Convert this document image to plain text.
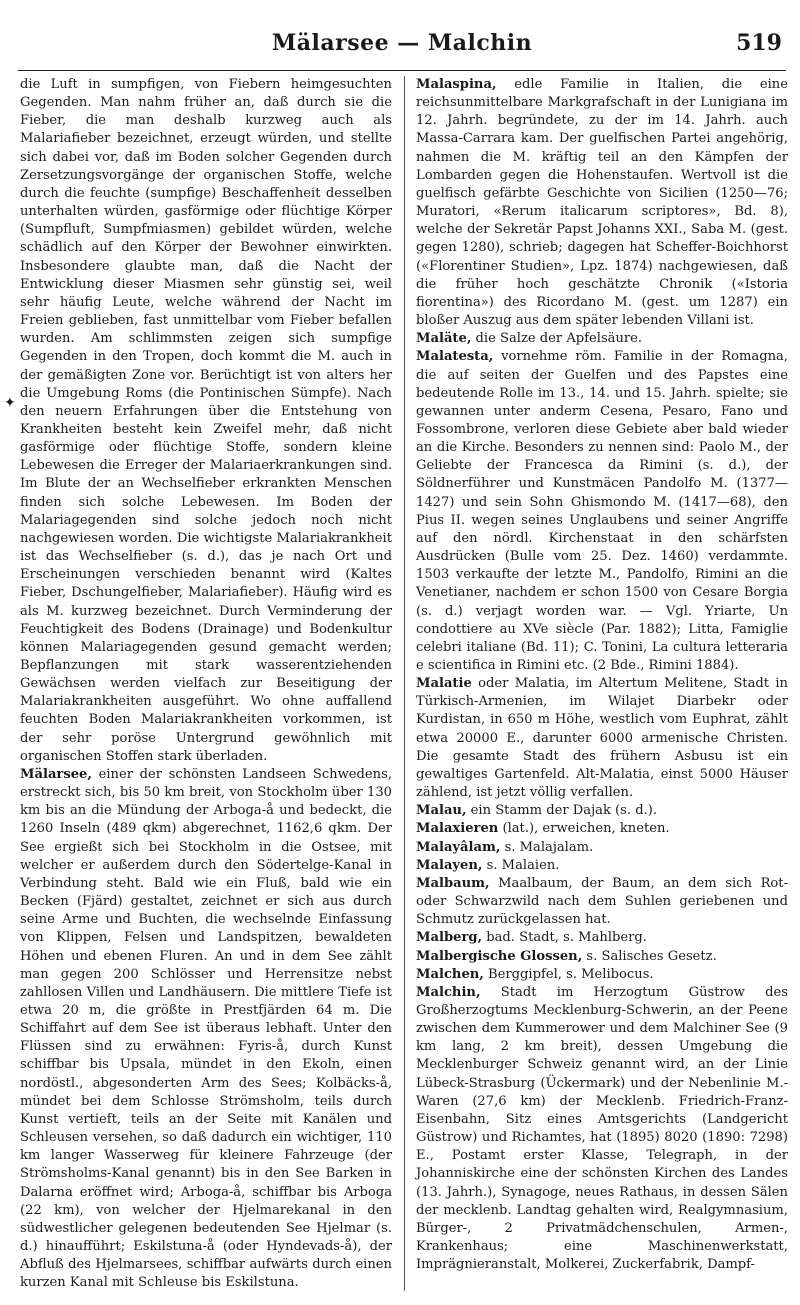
Mälarsee — Malchin	519
✦

die Luft in sumpfigen, von Fiebern heimgesuchten Gegenden. Man nahm früher an, daß durch sie die Fieber, die man deshalb kurzweg auch als Malariafieber bezeichnet, erzeugt würden, und stellte sich dabei vor, daß im Boden solcher Gegenden durch Zersetzungsvorgänge der organischen Stoffe, welche durch die feuchte (sumpfige) Beschaffenheit desselben unterhalten würden, gasförmige oder flüchtige Körper (Sumpfluft, Sumpfmiasmen) gebildet würden, welche schädlich auf den Körper der Bewohner einwirkten. Insbesondere glaubte man, daß die Nacht der Entwicklung dieser Miasmen sehr günstig sei, weil sehr häufig Leute, welche während der Nacht im Freien geblieben, fast unmittelbar vom Fieber befallen wurden. Am schlimmsten zeigen sich sumpfige Gegenden in den Tropen, doch kommt die M. auch in der gemäßigten Zone vor. Berüchtigt ist von alters her die Umgebung Roms (die Pontinischen Sümpfe). Nach den neuern Erfahrungen über die Entstehung von Krankheiten besteht kein Zweifel mehr, daß nicht gasförmige oder flüchtige Stoffe, sondern kleine Lebewesen die Erreger der Malariaerkrankungen sind. Im Blute der an Wechselfieber erkrankten Menschen finden sich solche Lebewesen. Im Boden der Malariagegenden sind solche jedoch noch nicht nachgewiesen worden. Die wichtigste Malariakrankheit ist das Wechselfieber (s. d.), das je nach Ort und Erscheinungen verschieden benannt wird (Kaltes Fieber, Dschungelfieber, Malariafieber). Häufig wird es als M. kurzweg bezeichnet. Durch Verminderung der Feuchtigkeit des Bodens (Drainage) und Bodenkultur können Malariagegenden gesund gemacht werden; Bepflanzungen mit stark wasserentziehenden Gewächsen werden vielfach zur Beseitigung der Malariakrankheiten ausgeführt. Wo ohne auffallend feuchten Boden Malariakrankheiten vorkommen, ist der sehr poröse Untergrund gewöhnlich mit organischen Stoffen stark überladen.

Mälarsee, einer der schönsten Landseen Schwedens, erstreckt sich, bis 50 km breit, von Stockholm über 130 km bis an die Mündung der Arboga-å und bedeckt, die 1260 Inseln (489 qkm) abgerechnet, 1162,6 qkm. Der See ergießt sich bei Stockholm in die Ostsee, mit welcher er außerdem durch den Södertelge-Kanal in Verbindung steht. Bald wie ein Fluß, bald wie ein Becken (Fjärd) gestaltet, zeichnet er sich aus durch seine Arme und Buchten, die wechselnde Einfassung von Klippen, Felsen und Landspitzen, bewaldeten Höhen und ebenen Fluren. An und in dem See zählt man gegen 200 Schlösser und Herrensitze nebst zahllosen Villen und Landhäusern. Die mittlere Tiefe ist etwa 20 m, die größte in Prestfjärden 64 m. Die Schiffahrt auf dem See ist überaus lebhaft. Unter den Flüssen sind zu erwähnen: Fyris-å, durch Kunst schiffbar bis Upsala, mündet in den Ekoln, einen nordöstl., abgesonderten Arm des Sees; Kolbäcks-å, mündet bei dem Schlosse Strömsholm, teils durch Kunst vertieft, teils an der Seite mit Kanälen und Schleusen versehen, so daß dadurch ein wichtiger, 110 km langer Wasserweg für kleinere Fahrzeuge (der Strömsholms-Kanal genannt) bis in den See Barken in Dalarna eröffnet wird; Arboga-å, schiffbar bis Arboga (22 km), von welcher der Hjelmarekanal in den südwestlicher gelegenen bedeutenden See Hjelmar (s. d.) hinaufführt; Eskilstuna-å (oder Hyndevads-å), der Abfluß des Hjelmarsees, schiffbar aufwärts durch einen kurzen Kanal mit Schleuse bis Eskilstuna.

Malaspina, edle Familie in Italien, die eine reichsunmittelbare Markgrafschaft in der Lunigiana im 12. Jahrh. begründete, zu der im 14. Jahrh. auch Massa-Carrara kam. Der guelfischen Partei angehörig, nahmen die M. kräftig teil an den Kämpfen der Lombarden gegen die Hohenstaufen. Wertvoll ist die guelfisch gefärbte Geschichte von Sicilien (1250—76; Muratori, «Rerum italicarum scriptores», Bd. 8), welche der Sekretär Papst Johanns XXI., Saba M. (gest. gegen 1280), schrieb; dagegen hat Scheffer-Boichhorst («Florentiner Studien», Lpz. 1874) nachgewiesen, daß die früher hoch geschätzte Chronik («Istoria fiorentina») des Ricordano M. (gest. um 1287) ein bloßer Auszug aus dem später lebenden Villani ist.

Maläte, die Salze der Apfelsäure.

Malatesta, vornehme röm. Familie in der Romagna, die auf seiten der Guelfen und des Papstes eine bedeutende Rolle im 13., 14. und 15. Jahrh. spielte; sie gewannen unter anderm Cesena, Pesaro, Fano und Fossombrone, verloren diese Gebiete aber bald wieder an die Kirche. Besonders zu nennen sind: Paolo M., der Geliebte der Francesca da Rimini (s. d.), der Söldnerführer und Kunstmäcen Pandolfo M. (1377—1427) und sein Sohn Ghismondo M. (1417—68), den Pius II. wegen seines Unglaubens und seiner Angriffe auf den nördl. Kirchenstaat in den schärfsten Ausdrücken (Bulle vom 25. Dez. 1460) verdammte. 1503 verkaufte der letzte M., Pandolfo, Rimini an die Venetianer, nachdem er schon 1500 von Cesare Borgia (s. d.) verjagt worden war. — Vgl. Yriarte, Un condottiere au XVe siècle (Par. 1882); Litta, Famiglie celebri italiane (Bd. 11); C. Tonini, La cultura letteraria e scientifica in Rimini etc. (2 Bde., Rimini 1884).

Malatie oder Malatia, im Altertum Melitene, Stadt in Türkisch-Armenien, im Wilajet Diarbekr oder Kurdistan, in 650 m Höhe, westlich vom Euphrat, zählt etwa 20000 E., darunter 6000 armenische Christen. Die gesamte Stadt des frühern Asbusu ist ein gewaltiges Gartenfeld. Alt-Malatia, einst 5000 Häuser zählend, ist jetzt völlig verfallen.

Malau, ein Stamm der Dajak (s. d.).

Malaxieren (lat.), erweichen, kneten.

Malayâlam, s. Malajalam.

Malayen, s. Malaien.

Malbaum, Maalbaum, der Baum, an dem sich Rot- oder Schwarzwild nach dem Suhlen geriebenen und Schmutz zurückgelassen hat.

Malberg, bad. Stadt, s. Mahlberg.

Malbergische Glossen, s. Salisches Gesetz.

Malchen, Berggipfel, s. Melibocus.

Malchin, Stadt im Herzogtum Güstrow des Großherzogtums Mecklenburg-Schwerin, an der Peene zwischen dem Kummerower und dem Malchiner See (9 km lang, 2 km breit), dessen Umgebung die Mecklenburger Schweiz genannt wird, an der Linie Lübeck-Strasburg (Ückermark) und der Nebenlinie M.-Waren (27,6 km) der Mecklenb. Friedrich-Franz-Eisenbahn, Sitz eines Amtsgerichts (Landgericht Güstrow) und Richamtes, hat (1895) 8020 (1890: 7298) E., Postamt erster Klasse, Telegraph, in der Johanniskirche eine der schönsten Kirchen des Landes (13. Jahrh.), Synagoge, neues Rathaus, in dessen Sälen der mecklenb. Landtag gehalten wird, Realgymnasium, Bürger-, 2 Privatmädchenschulen, Armen-, Krankenhaus; eine Maschinenwerkstatt, Imprägnieranstalt, Molkerei, Zuckerfabrik, Dampf-
